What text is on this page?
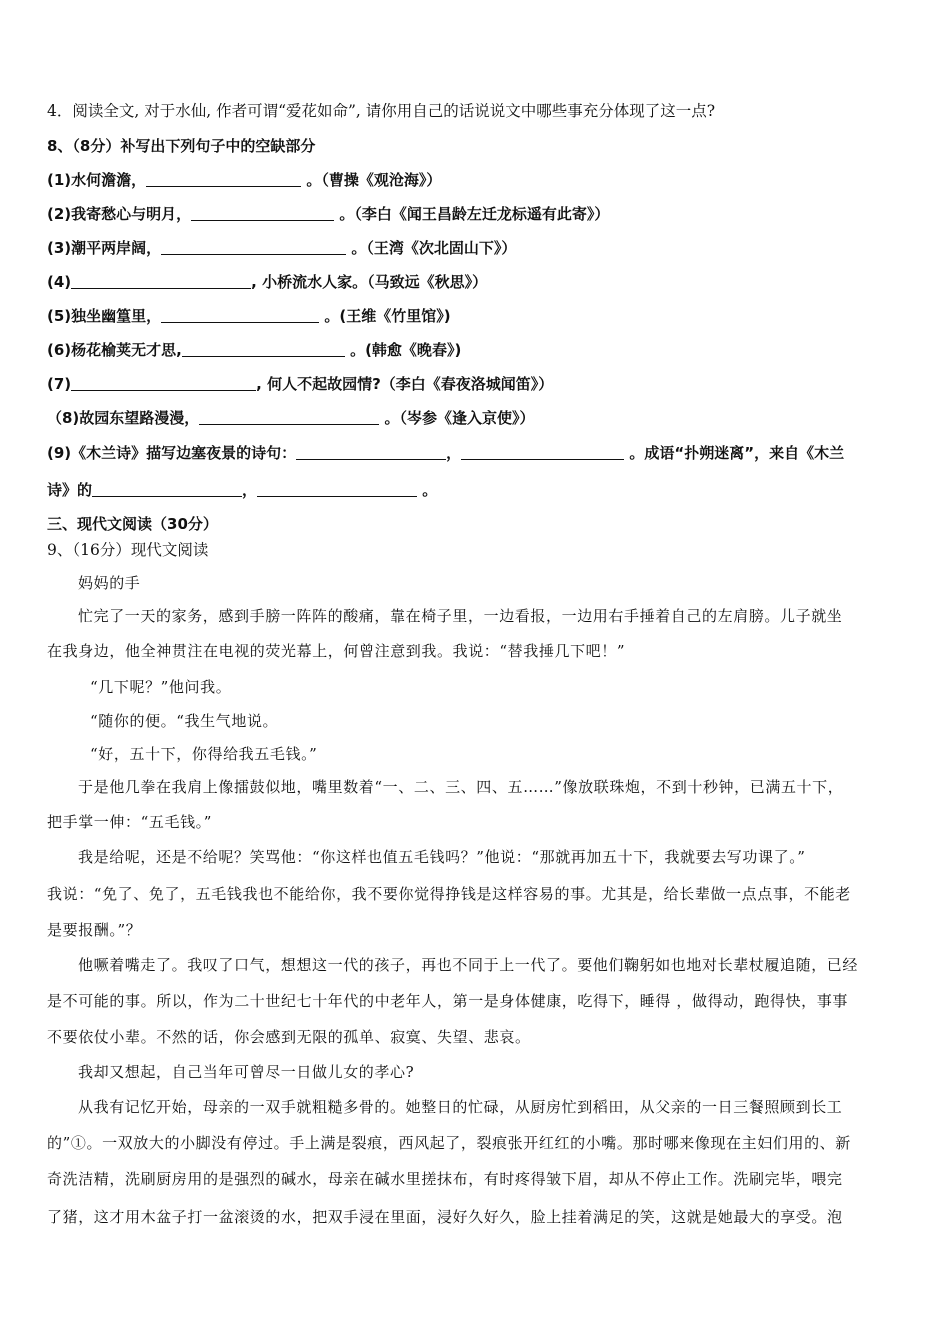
4．阅读全文, 对于水仙, 作者可谓“爱花如命”, 请你用自己的话说说文中哪些事充分体现了这一点?
8、（8分）补写出下列句子中的空缺部分
(1)水何澹澹，	。（曹操《观沧海》）
(2)我寄愁心与明月，	。（李白《闻王昌龄左迁龙标遥有此寄》）
(3)潮平两岸阔，	。（王湾《次北固山下》）
(4)	, 小桥流水人家。（马致远《秋思》）
(5)独坐幽篁里，	。(王维《竹里馆》)
(6)杨花榆荚无才思,	。(韩愈《晚春》)
(7)	, 何人不起故园情?（李白《春夜洛城闻笛》）
（8)故园东望路漫漫，	。（岑参《逢入京使》）
(9)《木兰诗》描写边塞夜景的诗句：	，	。成语“扑朔迷离”，来自《木兰
诗》的	，	。
三、现代文阅读（30分）
9、（16分）现代文阅读
妈妈的手
忙完了一天的家务，感到手膀一阵阵的酸痛，靠在椅子里，一边看报，一边用右手捶着自己的左肩膀。儿子就坐
在我身边，他全神贯注在电视的荧光幕上，何曾注意到我。我说：“替我捶几下吧！”
“几下呢？”他问我。
“随你的便。“我生气地说。
“好，五十下，你得给我五毛钱。”
于是他几拳在我肩上像擂鼓似地，嘴里数着“一、二、三、四、五……”像放联珠炮，不到十秒钟，已满五十下，
把手掌一伸：“五毛钱。”
我是给呢，还是不给呢？笑骂他：“你这样也值五毛钱吗？”他说：“那就再加五十下，我就要去写功课了。”
我说：“免了、免了，五毛钱我也不能给你，我不要你觉得挣钱是这样容易的事。尤其是，给长辈做一点点事，不能老
是要报酬。”？
他噘着嘴走了。我叹了口气，想想这一代的孩子，再也不同于上一代了。要他们鞠躬如也地对长辈杖履追随，已经
是不可能的事。所以，作为二十世纪七十年代的中老年人，第一是身体健康，吃得下，睡得 ，做得动，跑得快，事事
不要依仗小辈。不然的话，你会感到无限的孤单、寂寞、失望、悲哀。
我却又想起，自己当年可曾尽一日做儿女的孝心?
从我有记忆开始，母亲的一双手就粗糙多骨的。她整日的忙碌，从厨房忙到稻田，从父亲的一日三餐照顾到长工
的”①。一双放大的小脚没有停过。手上满是裂痕，西风起了，裂痕张开红红的小嘴。那时哪来像现在主妇们用的、新
奇洗洁精，洗刷厨房用的是强烈的碱水，母亲在碱水里搓抹布，有时疼得皱下眉，却从不停止工作。洗刷完毕，喂完
了猪，这才用木盆子打一盆滚烫的水，把双手浸在里面，浸好久好久，脸上挂着满足的笑，这就是她最大的享受。泡
